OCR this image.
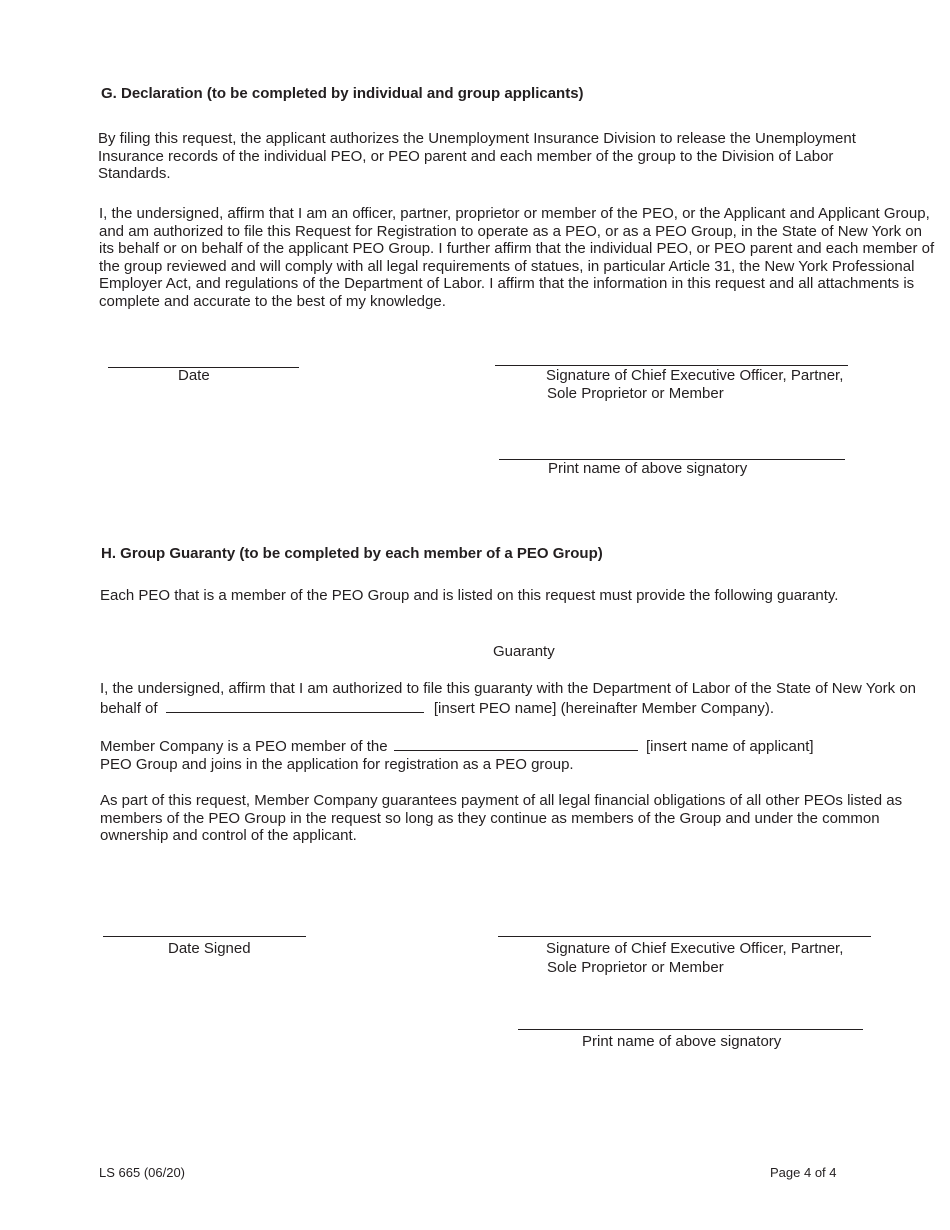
G. Declaration (to be completed by individual and group applicants)
By filing this request, the applicant authorizes the Unemployment Insurance Division to release the Unemployment Insurance records of the individual PEO, or PEO parent and each member of the group to the Division of Labor Standards.
I, the undersigned, affirm that I am an officer, partner, proprietor or member of the PEO, or the Applicant and Applicant Group, and am authorized to file this Request for Registration to operate as a PEO, or as a PEO Group, in the State of New York on its behalf or on behalf of the applicant PEO Group. I further affirm that the individual PEO, or PEO parent and each member of the group reviewed and will comply with all legal requirements of statues, in particular Article 31, the New York Professional Employer Act, and regulations of the Department of Labor. I affirm that the information in this request and all attachments is complete and accurate to the best of my knowledge.
Date	Signature of Chief Executive Officer, Partner,
Sole Proprietor or Member
Print name of above signatory
H. Group Guaranty (to be completed by each member of a PEO Group)
Each PEO that is a member of the PEO Group and is listed on this request must provide the following guaranty.
Guaranty
I, the undersigned, affirm that I am authorized to file this guaranty with the Department of Labor of the State of New York on
behalf of	[insert PEO name] (hereinafter Member Company).
Member Company is a PEO member of the	[insert name of applicant]
PEO Group and joins in the application for registration as a PEO group.
As part of this request, Member Company guarantees payment of all legal financial obligations of all other PEOs listed as members of the PEO Group in the request so long as they continue as members of the Group and under the common ownership and control of the applicant.
Date Signed	Signature of Chief Executive Officer, Partner,
Sole Proprietor or Member
Print name of above signatory
LS 665 (06/20)	Page 4 of 4
